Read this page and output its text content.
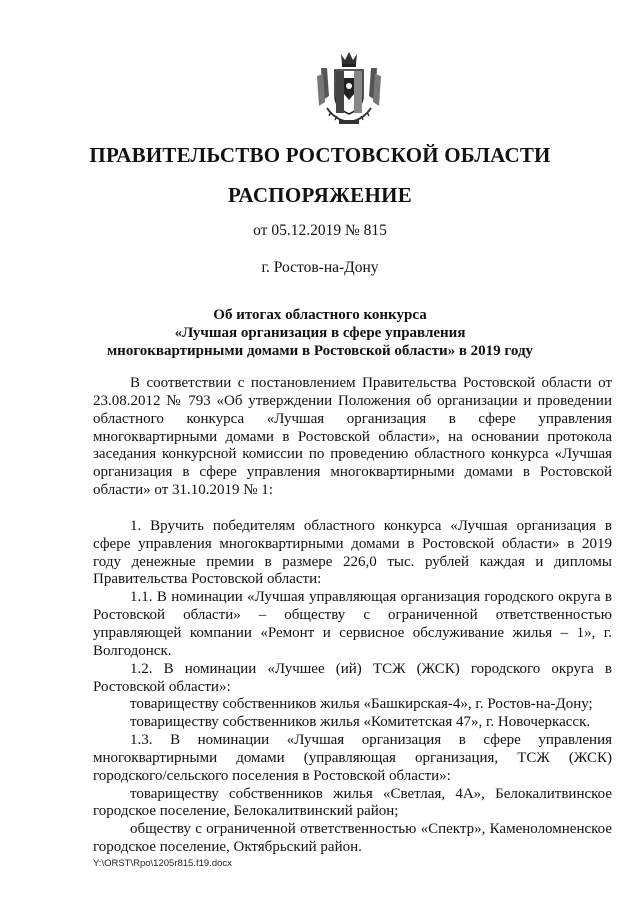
ПРАВИТЕЛЬСТВО РОСТОВСКОЙ ОБЛАСТИ
РАСПОРЯЖЕНИЕ
от 05.12.2019 № 815
г. Ростов-на-Дону
Об итогах областного конкурса
«Лучшая организация в сфере управления
многоквартирными домами в Ростовской области» в 2019 году
В соответствии с постановлением Правительства Ростовской области от 23.08.2012 № 793 «Об утверждении Положения об организации и проведении областного конкурса «Лучшая организация в сфере управления многоквартирными домами в Ростовской области», на основании протокола заседания конкурсной комиссии по проведению областного конкурса «Лучшая организация в сфере управления многоквартирными домами в Ростовской области» от 31.10.2019 № 1:
1. Вручить победителям областного конкурса «Лучшая организация в сфере управления многоквартирными домами в Ростовской области» в 2019 году денежные премии в размере 226,0 тыс. рублей каждая и дипломы Правительства Ростовской области:
1.1. В номинации «Лучшая управляющая организация городского округа в Ростовской области» – обществу с ограниченной ответственностью управляющей компании «Ремонт и сервисное обслуживание жилья – 1», г. Волгодонск.
1.2. В номинации «Лучшее (ий) ТСЖ (ЖСК) городского округа в Ростовской области»:
товариществу собственников жилья «Башкирская-4», г. Ростов-на-Дону;
товариществу собственников жилья «Комитетская 47», г. Новочеркасск.
1.3. В номинации «Лучшая организация в сфере управления многоквартирными домами (управляющая организация, ТСЖ (ЖСК) городского/сельского поселения в Ростовской области»:
товариществу собственников жилья «Светлая, 4А», Белокалитвинское городское поселение, Белокалитвинский район;
обществу с ограниченной ответственностью «Спектр», Каменоломненское городское поселение, Октябрьский район.
Y:\ORST\Rpo\1205r815.f19.docx
